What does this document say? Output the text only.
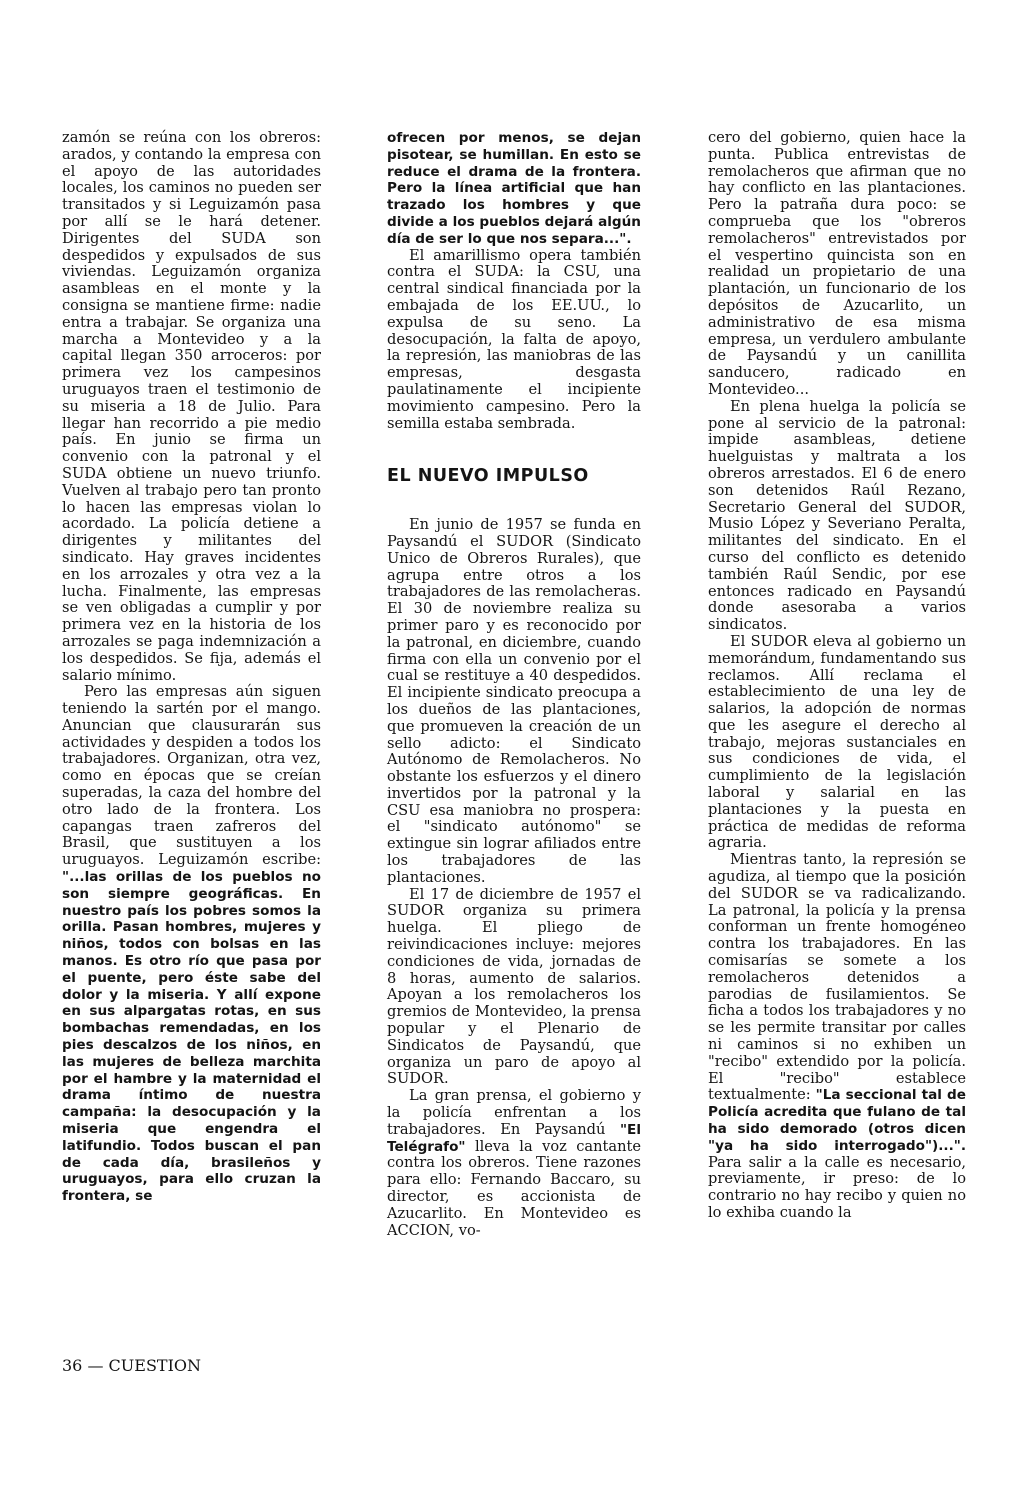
zamón se reúna con los obreros: arados, y contando la empresa con el apoyo de las autoridades locales, los caminos no pueden ser transitados y si Leguizamón pasa por allí se le hará detener. Dirigentes del SUDA son despedidos y expulsados de sus viviendas. Leguizamón organiza asambleas en el monte y la consigna se mantiene firme: nadie entra a trabajar. Se organiza una marcha a Montevideo y a la capital llegan 350 arroceros: por primera vez los campesinos uruguayos traen el testimonio de su miseria a 18 de Julio. Para llegar han recorrido a pie medio país. En junio se firma un convenio con la patronal y el SUDA obtiene un nuevo triunfo. Vuelven al trabajo pero tan pronto lo hacen las empresas violan lo acordado. La policía detiene a dirigentes y militantes del sindicato. Hay graves incidentes en los arrozales y otra vez a la lucha. Finalmente, las empresas se ven obligadas a cumplir y por primera vez en la historia de los arrozales se paga indemnización a los despedidos. Se fija, además el salario mínimo.

Pero las empresas aún siguen teniendo la sartén por el mango. Anuncian que clausurarán sus actividades y despiden a todos los trabajadores. Organizan, otra vez, como en épocas que se creían superadas, la caza del hombre del otro lado de la frontera. Los capangas traen zafreros del Brasil, que sustituyen a los uruguayos. Leguizamón escribe: "...las orillas de los pueblos no son siempre geográficas. En nuestro país los pobres somos la orilla. Pasan hombres, mujeres y niños, todos con bolsas en las manos. Es otro río que pasa por el puente, pero éste sabe del dolor y la miseria. Y allí expone en sus alpargatas rotas, en sus bombachas remendadas, en los pies descalzos de los niños, en las mujeres de belleza marchita por el hambre y la maternidad el drama íntimo de nuestra campaña: la desocupación y la miseria que engendra el latifundio. Todos buscan el pan de cada día, brasileños y uruguayos, para ello cruzan la frontera, se

ofrecen por menos, se dejan pisotear, se humillan. En esto se reduce el drama de la frontera. Pero la línea artificial que han trazado los hombres y que divide a los pueblos dejará algún día de ser lo que nos separa...".

El amarillismo opera también contra el SUDA: la CSU, una central sindical financiada por la embajada de los EE.UU., lo expulsa de su seno. La desocupación, la falta de apoyo, la represión, las maniobras de las empresas, desgasta paulatinamente el incipiente movimiento campesino. Pero la semilla estaba sembrada.

EL NUEVO IMPULSO

En junio de 1957 se funda en Paysandú el SUDOR (Sindicato Unico de Obreros Rurales), que agrupa entre otros a los trabajadores de las remolacheras. El 30 de noviembre realiza su primer paro y es reconocido por la patronal, en diciembre, cuando firma con ella un convenio por el cual se restituye a 40 despedidos. El incipiente sindicato preocupa a los dueños de las plantaciones, que promueven la creación de un sello adicto: el Sindicato Autónomo de Remolacheros. No obstante los esfuerzos y el dinero invertidos por la patronal y la CSU esa maniobra no prospera: el "sindicato autónomo" se extingue sin lograr afiliados entre los trabajadores de las plantaciones.

El 17 de diciembre de 1957 el SUDOR organiza su primera huelga. El pliego de reivindicaciones incluye: mejores condiciones de vida, jornadas de 8 horas, aumento de salarios. Apoyan a los remolacheros los gremios de Montevideo, la prensa popular y el Plenario de Sindicatos de Paysandú, que organiza un paro de apoyo al SUDOR.

La gran prensa, el gobierno y la policía enfrentan a los trabajadores. En Paysandú "El Telégrafo" lleva la voz cantante contra los obreros. Tiene razones para ello: Fernando Baccaro, su director, es accionista de Azucarlito. En Montevideo es ACCION, vo-

cero del gobierno, quien hace la punta. Publica entrevistas de remolacheros que afirman que no hay conflicto en las plantaciones. Pero la patraña dura poco: se comprueba que los "obreros remolacheros" entrevistados por el vespertino quincista son en realidad un propietario de una plantación, un funcionario de los depósitos de Azucarlito, un administrativo de esa misma empresa, un verdulero ambulante de Paysandú y un canillita sanducero, radicado en Montevideo...

En plena huelga la policía se pone al servicio de la patronal: impide asambleas, detiene huelguistas y maltrata a los obreros arrestados. El 6 de enero son detenidos Raúl Rezano, Secretario General del SUDOR, Musio López y Severiano Peralta, militantes del sindicato. En el curso del conflicto es detenido también Raúl Sendic, por ese entonces radicado en Paysandú donde asesoraba a varios sindicatos.

El SUDOR eleva al gobierno un memorándum, fundamentando sus reclamos. Allí reclama el establecimiento de una ley de salarios, la adopción de normas que les asegure el derecho al trabajo, mejoras sustanciales en sus condiciones de vida, el cumplimiento de la legislación laboral y salarial en las plantaciones y la puesta en práctica de medidas de reforma agraria.

Mientras tanto, la represión se agudiza, al tiempo que la posición del SUDOR se va radicalizando. La patronal, la policía y la prensa conforman un frente homogéneo contra los trabajadores. En las comisarías se somete a los remolacheros detenidos a parodias de fusilamientos. Se ficha a todos los trabajadores y no se les permite transitar por calles ni caminos si no exhiben un "recibo" extendido por la policía. El "recibo" establece textualmente: "La seccional tal de Policía acredita que fulano de tal ha sido demorado (otros dicen "ya ha sido interrogado")...". Para salir a la calle es necesario, previamente, ir preso: de lo contrario no hay recibo y quien no lo exhiba cuando la

36 — CUESTION
